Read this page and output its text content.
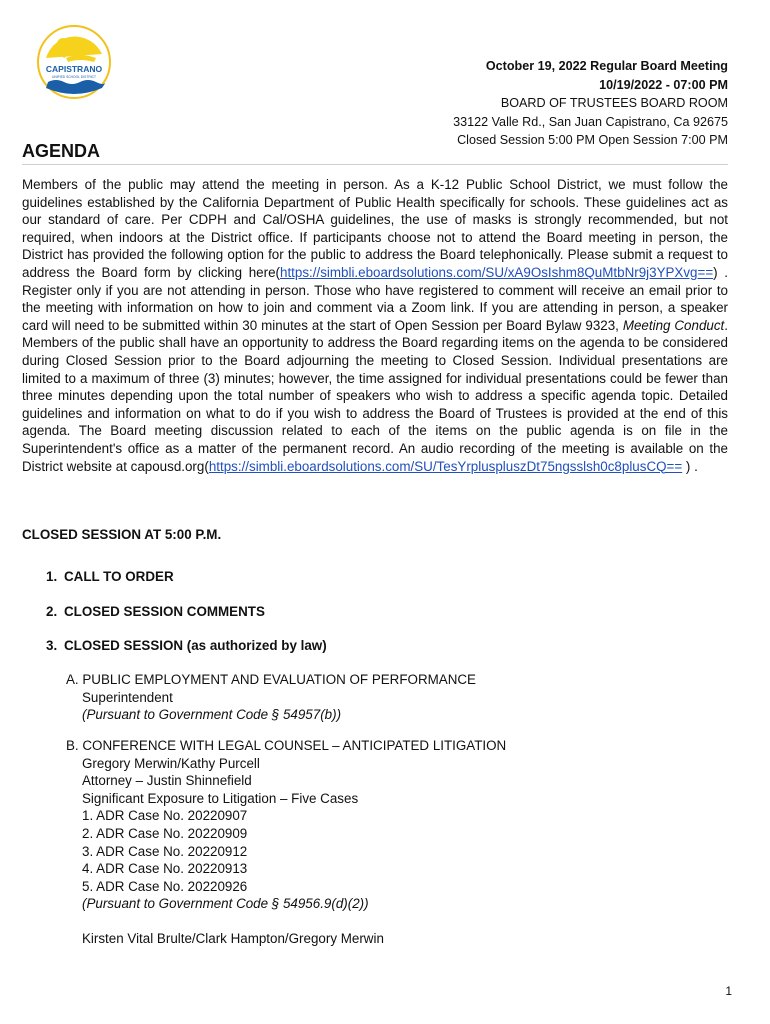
CAPISTRANO
UNIFIED SCHOOL DISTRICT
October 19, 2022 Regular Board Meeting
10/19/2022 - 07:00 PM
BOARD OF TRUSTEES BOARD ROOM
33122 Valle Rd., San Juan Capistrano, Ca 92675
Closed Session 5:00 PM Open Session 7:00 PM
AGENDA
Members of the public may attend the meeting in person. As a K-12 Public School District, we must follow the guidelines established by the California Department of Public Health specifically for schools. These guidelines act as our standard of care. Per CDPH and Cal/OSHA guidelines, the use of masks is strongly recommended, but not required, when indoors at the District office. If participants choose not to attend the Board meeting in person, the District has provided the following option for the public to address the Board telephonically. Please submit a request to address the Board form by clicking here(https://simbli.eboardsolutions.com/SU/xA9OsIshm8QuMtbNr9j3YPXvg==) . Register only if you are not attending in person. Those who have registered to comment will receive an email prior to the meeting with information on how to join and comment via a Zoom link. If you are attending in person, a speaker card will need to be submitted within 30 minutes at the start of Open Session per Board Bylaw 9323, Meeting Conduct. Members of the public shall have an opportunity to address the Board regarding items on the agenda to be considered during Closed Session prior to the Board adjourning the meeting to Closed Session. Individual presentations are limited to a maximum of three (3) minutes; however, the time assigned for individual presentations could be fewer than three minutes depending upon the total number of speakers who wish to address a specific agenda topic. Detailed guidelines and information on what to do if you wish to address the Board of Trustees is provided at the end of this agenda. The Board meeting discussion related to each of the items on the public agenda is on file in the Superintendent's office as a matter of the permanent record. An audio recording of the meeting is available on the District website at capousd.org(https://simbli.eboardsolutions.com/SU/TesYrpluspluszDt75ngsslsh0c8plusCQ== ) .
CLOSED SESSION AT 5:00 P.M.
1. CALL TO ORDER
2. CLOSED SESSION COMMENTS
3. CLOSED SESSION (as authorized by law)
A. PUBLIC EMPLOYMENT AND EVALUATION OF PERFORMANCE
Superintendent
(Pursuant to Government Code § 54957(b))
B. CONFERENCE WITH LEGAL COUNSEL – ANTICIPATED LITIGATION
Gregory Merwin/Kathy Purcell
Attorney – Justin Shinnefield
Significant Exposure to Litigation – Five Cases
1. ADR Case No. 20220907
2. ADR Case No. 20220909
3. ADR Case No. 20220912
4. ADR Case No. 20220913
5. ADR Case No. 20220926
(Pursuant to Government Code § 54956.9(d)(2))
Kirsten Vital Brulte/Clark Hampton/Gregory Merwin
1
